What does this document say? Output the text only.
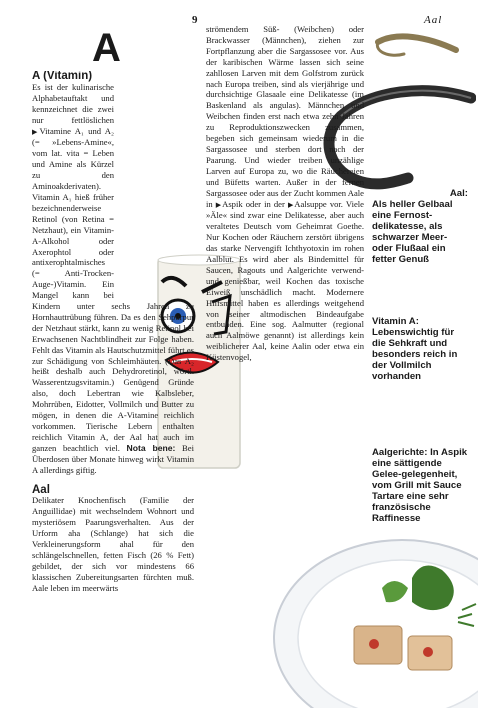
9	Aal
A

A (Vitamin)

Es ist der kulinarische Alphabetauftakt und kennzeichnet die zwei nur fettlöslichen ▶Vitamine A₁ und A₂ (= »Lebens-Amine«, vom lat. vita = Leben und Amine als Kürzel zu den Aminoakderivaten). Vitamin A₁ hieß früher bezeichnenderweise Retinol (von Retina = Netzhaut), ein Vitamin-A-Alkohol oder Axerophtol oder antixerophtalmisches (= Anti-Trocken-Auge-)Vitamin. Ein Mangel kann bei Kindern unter sechs Jahren zu Hornhauttrübung führen. Da es den Sehpurpur der Netzhaut stärkt, kann zu wenig Retinol bei Erwachsenen Nachtblindheit zur Folge haben. Fehlt das Vitamin als Hautschutzmittel führt es zur Schädigung von Schleimhäuten. (Das A₂ heißt deshalb auch Dehydroretinol, wörtl. Wasserentzugsvitamin.) Genügend Gründe also, doch Lebertran wie Kalbsleber, Mohrrüben, Eidotter, Vollmilch und Butter zu mögen, in denen die A-Vitamine reichlich vorkommen. Tierische Lebern enthalten reichlich Vitamin A, der Aal hat auch im ganzen beachtlich viel. Nota bene: Bei Überdosen über Monate hinweg wirkt Vitamin A allerdings giftig.

Aal

Delikater Knochenfisch (Familie der Anguillidae) mit wechselndem Wohnort und mysteriösem Paarungsverhalten. Aus der Urform aha (Schlange) hat sich die Verkleinerungsform ahal für den schlängelschnellen, fetten Fisch (26 % Fett) gebildet, der sich vor mindestens 66 klassischen Zubereitungsarten fürchten muß. Aale leben im meerwärts

strömendem Süß- (Weibchen) oder Brackwasser (Männchen), ziehen zur Fortpflanzung aber die Sargassosee vor. Aus der karibischen Wärme lassen sich seine zahllosen Larven mit dem Golfstrom zurück nach Europa treiben, sind als vierjährige und durchsichtige Glasaale eine Delikatesse (im Baskenland als angulas). Männchen und Weibchen finden erst nach etwa zehn Jahren zu Reproduktionszwecken zusammen, begeben sich gemeinsam wiederum in die Sargassosee und sterben dort nach der Paarung. Und wieder treiben unzählige Larven auf Europa zu, wo die Räuchereien und Büfetts warten. Außer in der fernen Sargassosee oder aus der Zucht kommen Aale in ▶Aspik oder in der ▶Aalsuppe vor. Viele »Äle« sind zwar eine Delikatesse, aber auch veraltetes Deutsch vom Geheimrat Goethe. Nur Kochen oder Räuchern zerstört übrigens das starke Nervengift Ichthyotoxin im rohen Aalblut. Es wird aber als Bindemittel für Saucen, Ragouts und Aalgerichte verwend- und genießbar, weil Kochen das toxische Eiweiß unschädlich macht. Modernere Hilfsmittel haben es allerdings weitgehend von seiner altmodischen Bindeaufgabe entbunden. Eine sog. Aalmutter (regional auch Aalmöwe genannt) ist allerdings kein weiblicherer Aal, keine Aalin oder etwa ein Küstenvogel,

Aal:
Als heller Gelbaal eine Fernost-delikatesse, als schwarzer Meer- oder Flußaal ein fetter Genuß
Vitamin A: Lebenswichtig für die Sehkraft und besonders reich in der Vollmilch vorhanden
Aalgerichte: In Aspik eine sättigende Gelee-gelegenheit, vom Grill mit Sauce Tartare eine sehr französische Raffinesse
